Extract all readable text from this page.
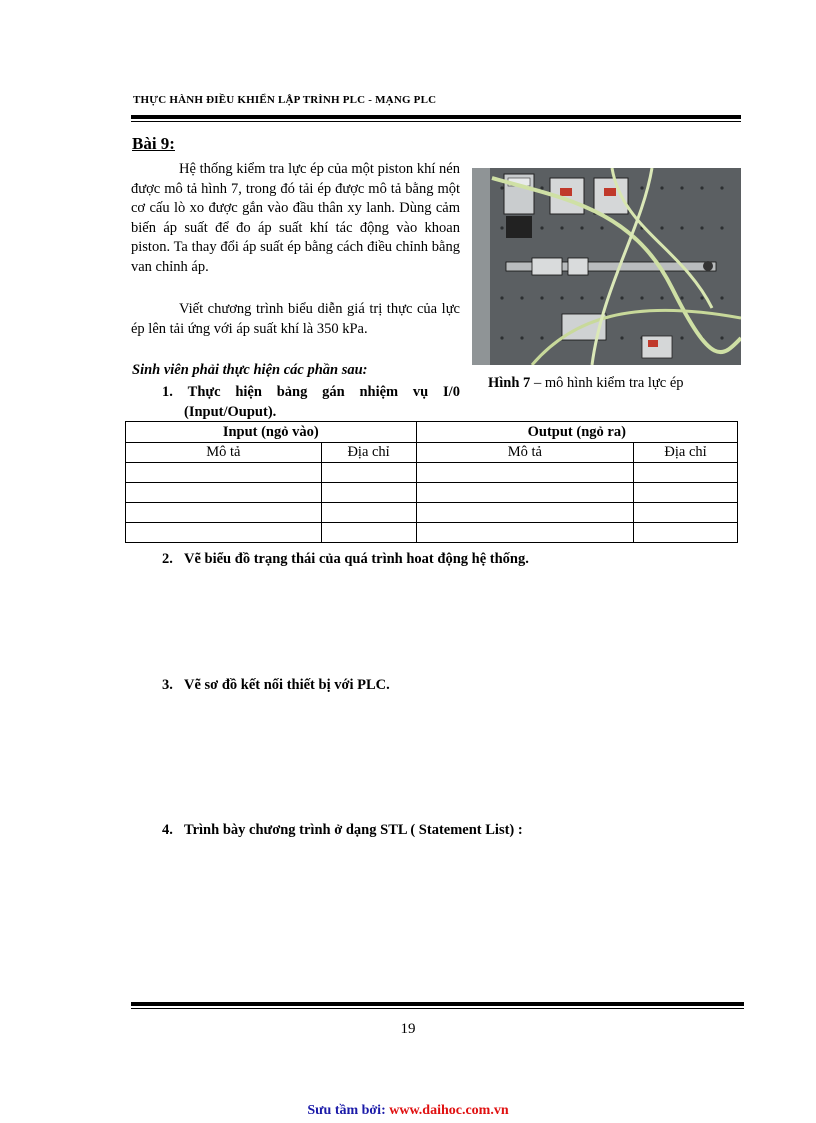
THỰC HÀNH ĐIỀU KHIỂN LẬP TRÌNH PLC - MẠNG PLC
Bài 9:
Hệ thống kiểm tra lực ép của một piston khí nén được mô tả hình 7, trong đó tải ép được mô tả bằng một cơ cấu lò xo được gắn vào đầu thân xy lanh. Dùng cảm biến áp suất để đo áp suất khí tác động vào khoan piston. Ta thay đổi áp suất ép bằng cách điều chỉnh bằng van chỉnh áp.
Viết chương trình biểu diễn giá trị thực của lực ép lên tải ứng với áp suất khí là 350 kPa.
Hình 7 – mô hình kiểm tra lực ép
Sinh viên phải thực hiện các phần sau:
1. Thực hiện bảng gán nhiệm vụ I/0
(Input/Ouput).
Input (ngỏ vào)		Output (ngỏ ra)	
Mô tả	Địa chỉ	Mô tả	Địa chỉ

2. Vẽ biểu đồ trạng thái của quá trình hoat động hệ thống.
3. Vẽ sơ đồ kết nối thiết bị với PLC.
4. Trình bày chương trình ở dạng STL ( Statement List) :
19
Sưu tầm bởi: www.daihoc.com.vn
